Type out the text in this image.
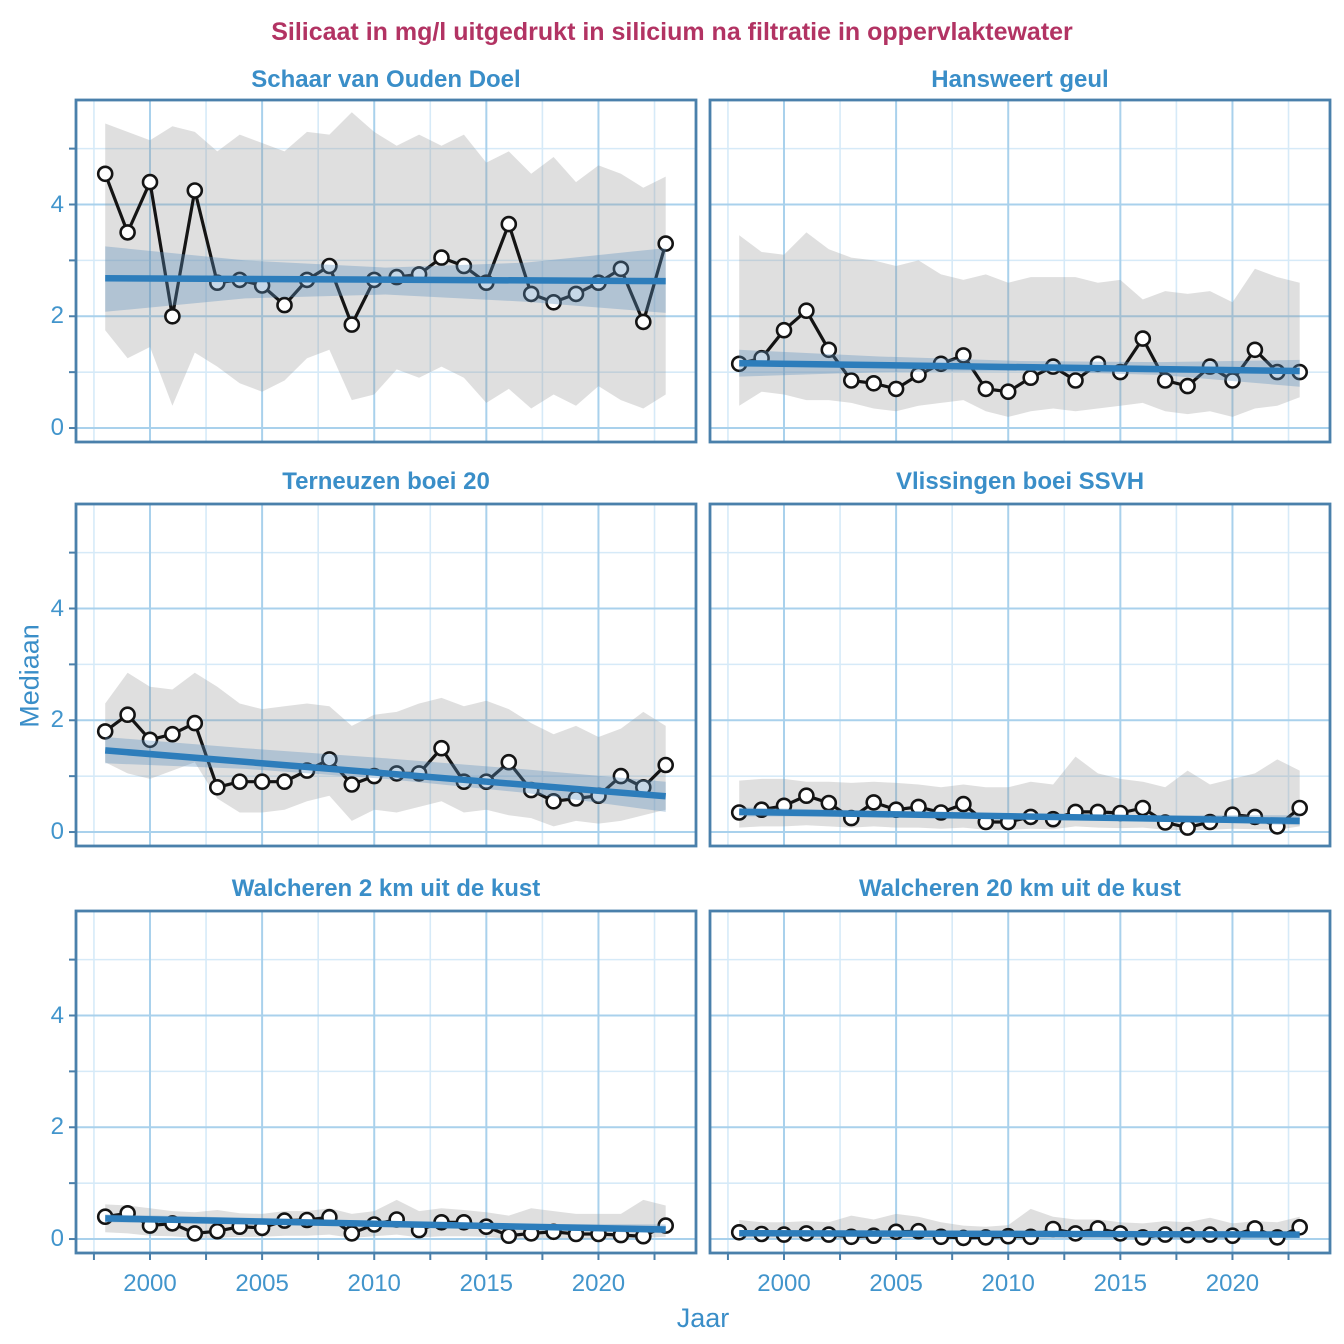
Silicaat in mg/l uitgedrukt in silicium na filtratie in oppervlaktewater
Schaar van Ouden Doel	Hansweert geul
Terneuzen boei 20	Vlissingen boei SSVH
Walcheren 2 km uit de kust	Walcheren 20 km uit de kust
Mediaan
Jaar
0
2
4
0
2
4
0
2
4
2000	2005	2010	2015	2020	2000	2005	2010	2015	2020
